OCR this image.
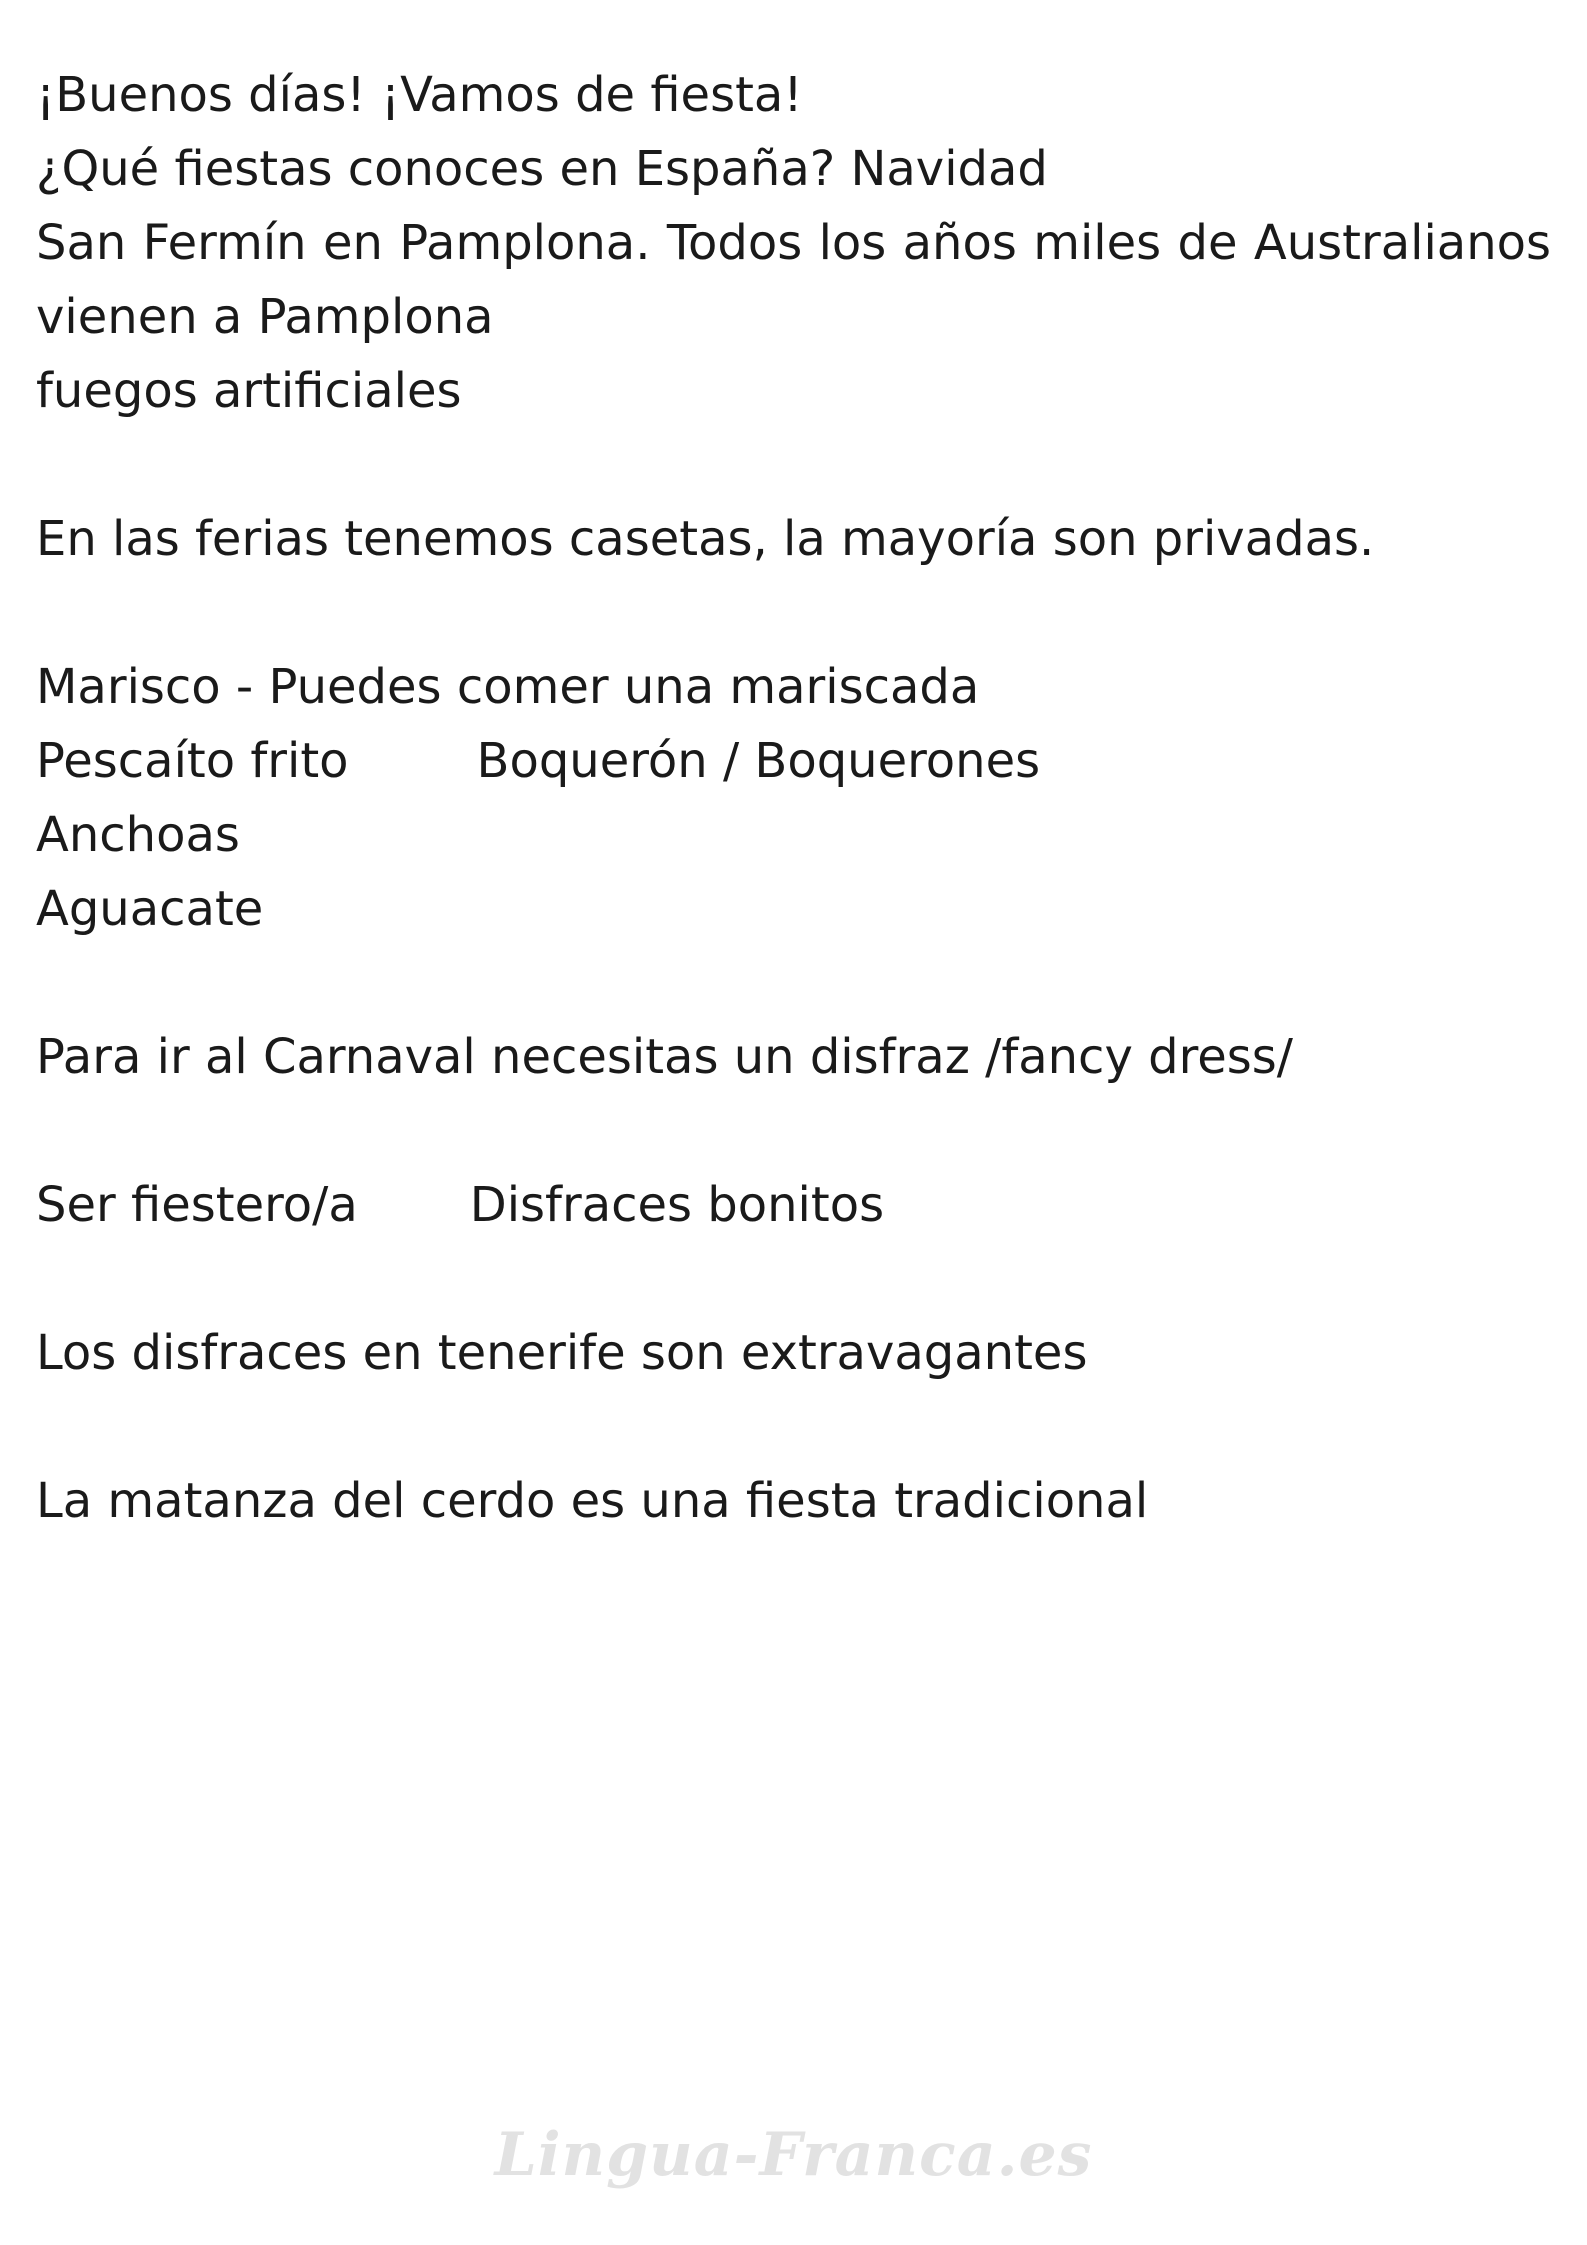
¡Buenos días! ¡Vamos de fiesta!
¿Qué fiestas conoces en España? Navidad
San Fermín en Pamplona. Todos los años miles de Australianos vienen a Pamplona
fuegos artificiales
En las ferias tenemos casetas, la mayoría son privadas.
Marisco - Puedes comer una mariscada
Pescaíto frito	Boquerón / Boquerones
Anchoas
Aguacate
Para ir al Carnaval necesitas un disfraz /fancy dress/
Ser fiestero/a Disfraces bonitos
Los disfraces en tenerife son extravagantes
La matanza del cerdo es una fiesta tradicional
Lingua-Franca.es
